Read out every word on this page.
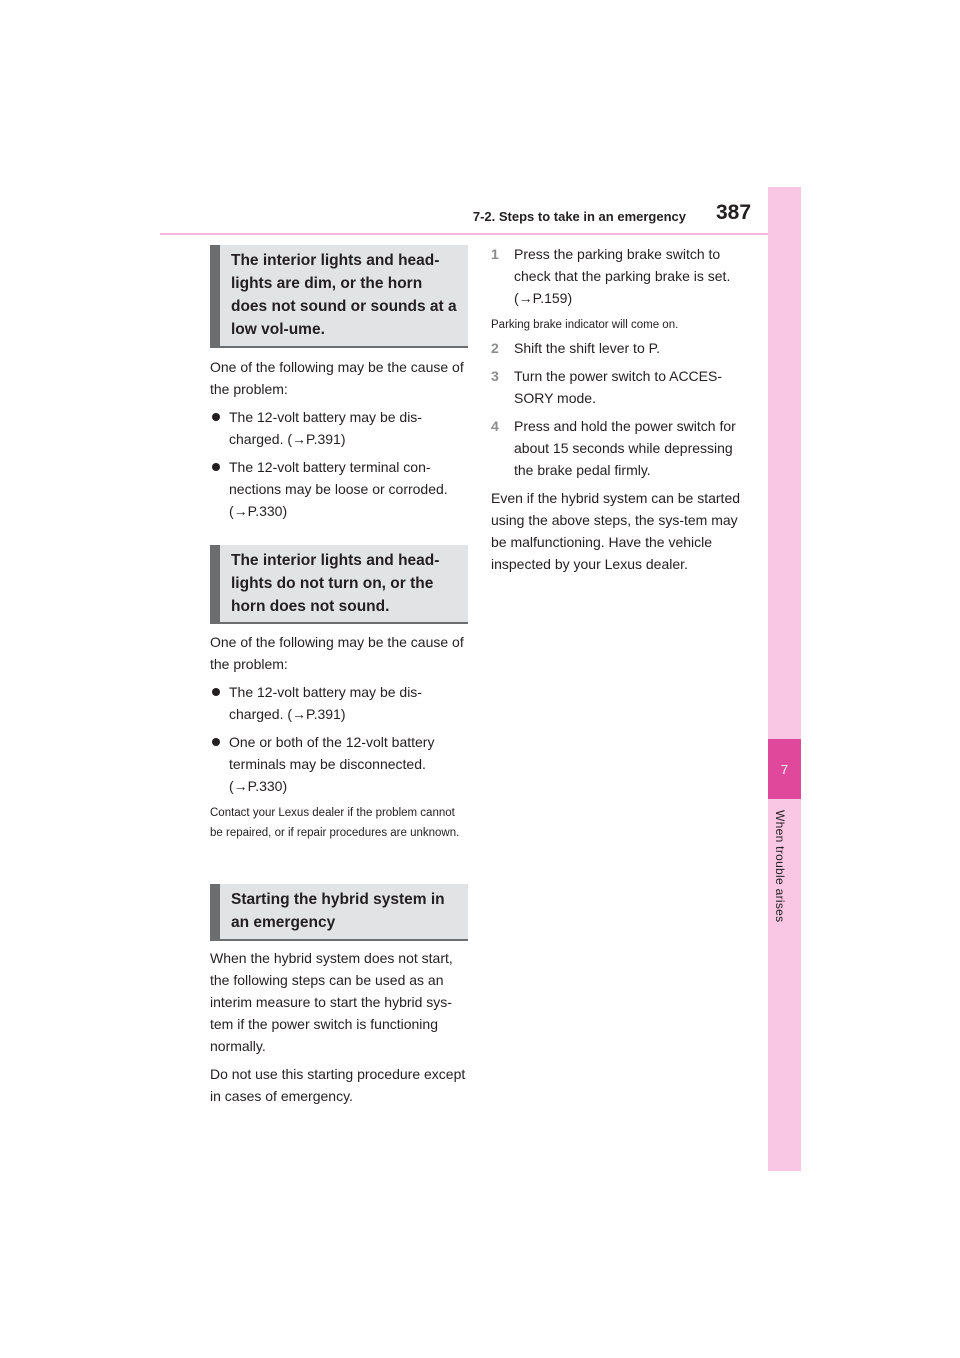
7-2. Steps to take in an emergency 387
7
When trouble arises
The interior lights and head-lights are dim, or the horn does not sound or sounds at a low vol-ume.

One of the following may be the cause of the problem:

The 12-volt battery may be dis-charged. (→P.391)
The 12-volt battery terminal con-nections may be loose or corroded. (→P.330)
The interior lights and head-lights do not turn on, or the horn does not sound.

One of the following may be the cause of the problem:

The 12-volt battery may be dis-charged. (→P.391)
One or both of the 12-volt battery terminals may be disconnected. (→P.330)

Contact your Lexus dealer if the problem cannot be repaired, or if repair procedures are unknown.

Starting the hybrid system in an emergency

When the hybrid system does not start, the following steps can be used as an interim measure to start the hybrid sys-tem if the power switch is functioning normally.

Do not use this starting procedure except in cases of emergency.

1 Press the parking brake switch to check that the parking brake is set. (→P.159)

Parking brake indicator will come on.

2 Shift the shift lever to P.
3 Turn the power switch to ACCES-SORY mode.
4 Press and hold the power switch for about 15 seconds while depressing the brake pedal firmly.

Even if the hybrid system can be started using the above steps, the sys-tem may be malfunctioning. Have the vehicle inspected by your Lexus dealer.
